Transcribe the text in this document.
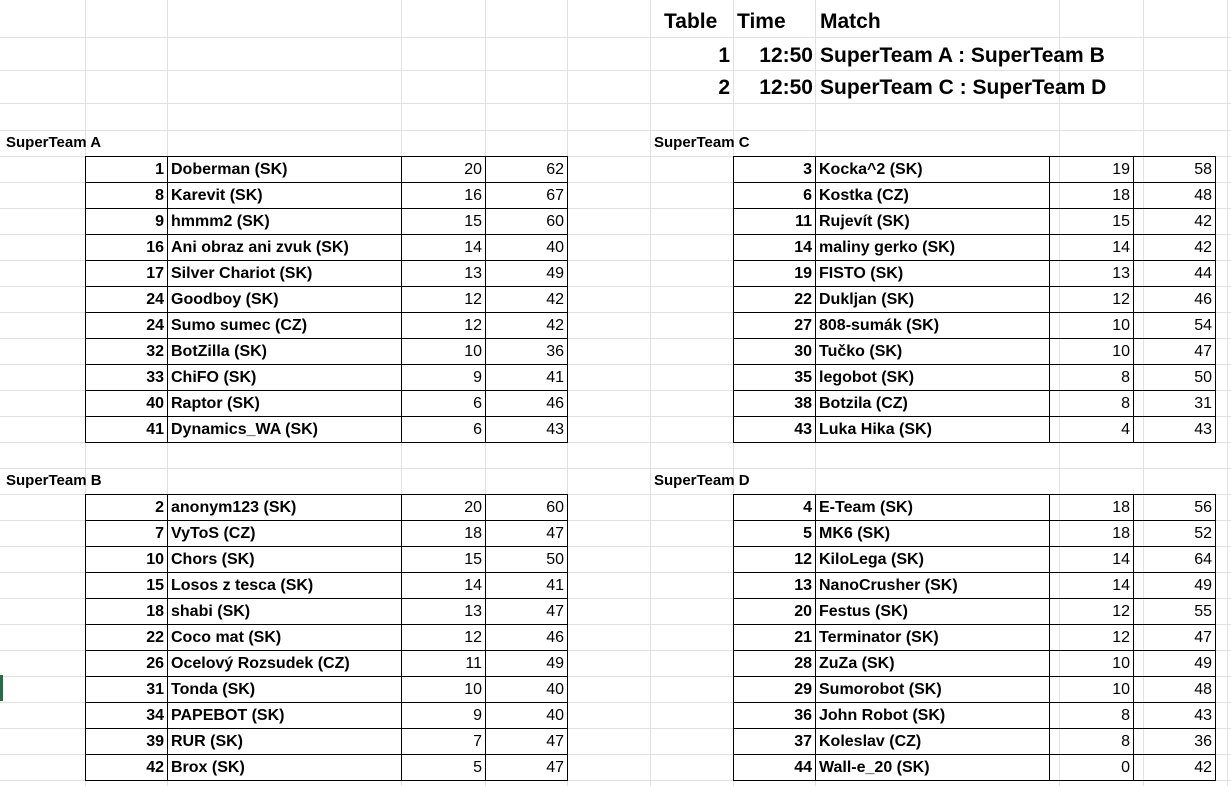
Table Time	Match
1	12:50 SuperTeam A : SuperTeam B
2	12:50 SuperTeam C : SuperTeam D
SuperTeam A	SuperTeam C
SuperTeam B	SuperTeam D
1	Doberman (SK)	20	62
8	Karevit (SK)	16	67
9	hmmm2 (SK)	15	60
16	Ani obraz ani zvuk (SK)	14	40
17	Silver Chariot (SK)	13	49
24	Goodboy (SK)	12	42
24	Sumo sumec (CZ)	12	42
32	BotZilla (SK)	10	36
33	ChiFO (SK)	9	41
40	Raptor (SK)	6	46
41	Dynamics_WA (SK)	6	43
3	Kocka^2 (SK)	19	58
6	Kostka (CZ)	18	48
11	Rujevít (SK)	15	42
14	maliny gerko (SK)	14	42
19	FISTO (SK)	13	44
22	Dukljan (SK)	12	46
27	808-sumák (SK)	10	54
30	Tučko (SK)	10	47
35	legobot (SK)	8	50
38	Botzila (CZ)	8	31
43	Luka Hika (SK)	4	43
2	anonym123 (SK)	20	60
7	VyToS (CZ)	18	47
10	Chors (SK)	15	50
15	Losos z tesca (SK)	14	41
18	shabi (SK)	13	47
22	Coco mat (SK)	12	46
26	Ocelový Rozsudek (CZ)	11	49
31	Tonda (SK)	10	40
34	PAPEBOT (SK)	9	40
39	RUR (SK)	7	47
42	Brox (SK)	5	47
4	E-Team (SK)	18	56
5	MK6 (SK)	18	52
12	KiloLega (SK)	14	64
13	NanoCrusher (SK)	14	49
20	Festus (SK)	12	55
21	Terminator (SK)	12	47
28	ZuZa (SK)	10	49
29	Sumorobot (SK)	10	48
36	John Robot (SK)	8	43
37	Koleslav (CZ)	8	36
44	Wall-e_20 (SK)	0	42
